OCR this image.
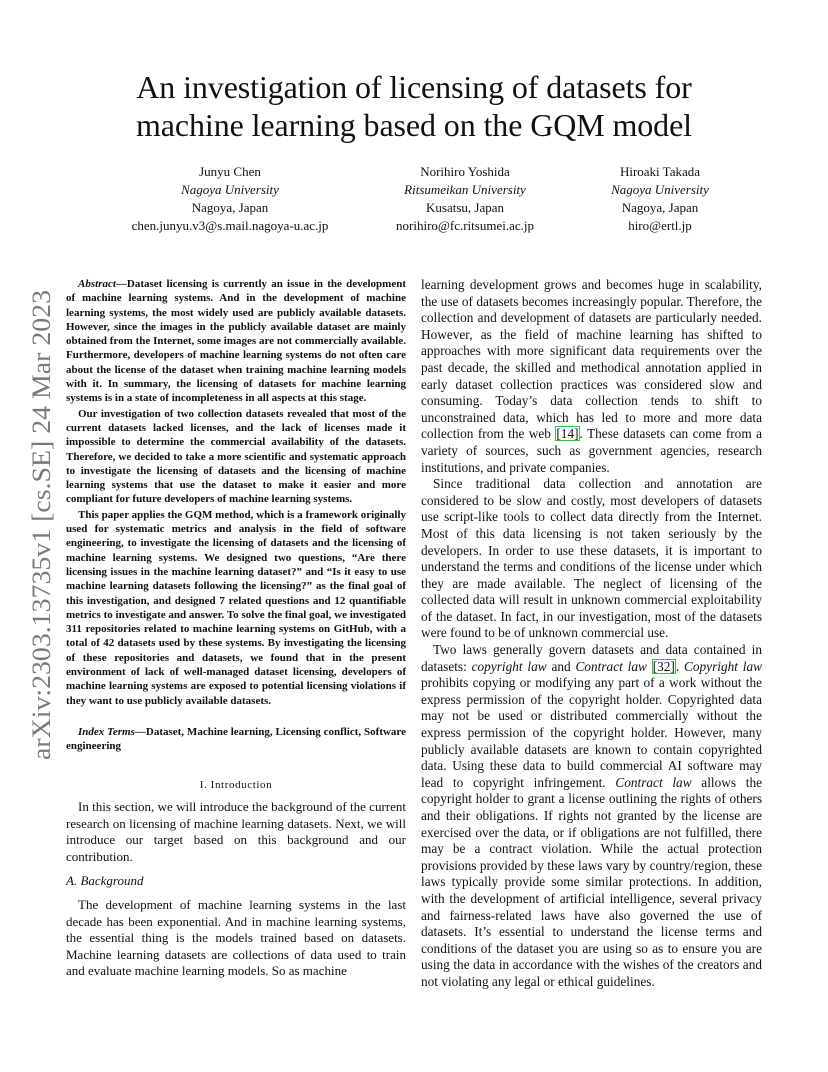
arXiv:2303.13735v1 [cs.SE] 24 Mar 2023
An investigation of licensing of datasets for
machine learning based on the GQM model
Junyu Chen
Nagoya University
Nagoya, Japan
chen.junyu.v3@s.mail.nagoya-u.ac.jp
Norihiro Yoshida
Ritsumeikan University
Kusatsu, Japan
norihiro@fc.ritsumei.ac.jp
Hiroaki Takada
Nagoya University
Nagoya, Japan
hiro@ertl.jp

Abstract—Dataset licensing is currently an issue in the development of machine learning systems. And in the development of machine learning systems, the most widely used are publicly available datasets. However, since the images in the publicly available dataset are mainly obtained from the Internet, some images are not commercially available. Furthermore, developers of machine learning systems do not often care about the license of the dataset when training machine learning models with it. In summary, the licensing of datasets for machine learning systems is in a state of incompleteness in all aspects at this stage.

Our investigation of two collection datasets revealed that most of the current datasets lacked licenses, and the lack of licenses made it impossible to determine the commercial availability of the datasets. Therefore, we decided to take a more scientific and systematic approach to investigate the licensing of datasets and the licensing of machine learning systems that use the dataset to make it easier and more compliant for future developers of machine learning systems.

This paper applies the GQM method, which is a framework originally used for systematic metrics and analysis in the field of software engineering, to investigate the licensing of datasets and the licensing of machine learning systems. We designed two questions, “Are there licensing issues in the machine learning dataset?” and “Is it easy to use machine learning datasets following the licensing?” as the final goal of this investigation, and designed 7 related questions and 12 quantifiable metrics to investigate and answer. To solve the final goal, we investigated 311 repositories related to machine learning systems on GitHub, with a total of 42 datasets used by these systems. By investigating the licensing of these repositories and datasets, we found that in the present environment of lack of well-managed dataset licensing, developers of machine learning systems are exposed to potential licensing violations if they want to use publicly available datasets.

Index Terms—Dataset, Machine learning, Licensing conflict, Software engineering
I. Introduction

In this section, we will introduce the background of the current research on licensing of machine learning datasets. Next, we will introduce our target based on this background and our contribution.

A. Background

The development of machine learning systems in the last decade has been exponential. And in machine learning systems, the essential thing is the models trained based on datasets. Machine learning datasets are collections of data used to train and evaluate machine learning models. So as machine

learning development grows and becomes huge in scalability, the use of datasets becomes increasingly popular. Therefore, the collection and development of datasets are particularly needed. However, as the field of machine learning has shifted to approaches with more significant data requirements over the past decade, the skilled and methodical annotation applied in early dataset collection practices was considered slow and consuming. Today’s data collection tends to shift to unconstrained data, which has led to more and more data collection from the web [14]. These datasets can come from a variety of sources, such as government agencies, research institutions, and private companies.

Since traditional data collection and annotation are considered to be slow and costly, most developers of datasets use script-like tools to collect data directly from the Internet. Most of this data licensing is not taken seriously by the developers. In order to use these datasets, it is important to understand the terms and conditions of the license under which they are made available. The neglect of licensing of the collected data will result in unknown commercial exploitability of the dataset. In fact, in our investigation, most of the datasets were found to be of unknown commercial use.

Two laws generally govern datasets and data contained in datasets: copyright law and Contract law [32]. Copyright law prohibits copying or modifying any part of a work without the express permission of the copyright holder. Copyrighted data may not be used or distributed commercially without the express permission of the copyright holder. However, many publicly available datasets are known to contain copyrighted data. Using these data to build commercial AI software may lead to copyright infringement. Contract law allows the copyright holder to grant a license outlining the rights of others and their obligations. If rights not granted by the license are exercised over the data, or if obligations are not fulfilled, there may be a contract violation. While the actual protection provisions provided by these laws vary by country/region, these laws typically provide some similar protections. In addition, with the development of artificial intelligence, several privacy and fairness-related laws have also governed the use of datasets. It’s essential to understand the license terms and conditions of the dataset you are using so as to ensure you are using the data in accordance with the wishes of the creators and not violating any legal or ethical guidelines.
